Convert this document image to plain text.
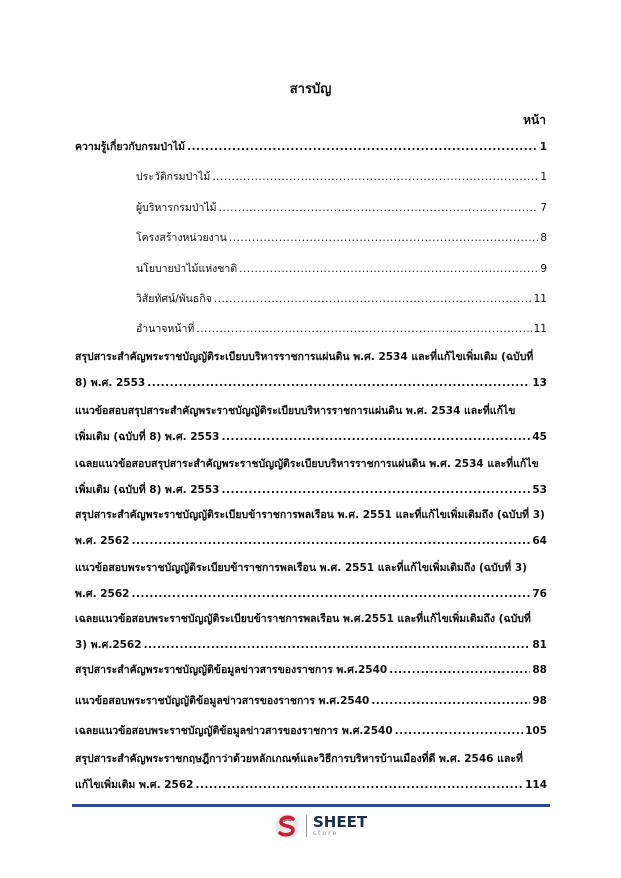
สารบัญ
หน้า
ความรู้เกี่ยวกับกรมป่าไม้ .....	1
ประวัติกรมป่าไม้ .....	1
ผู้บริหารกรมป่าไม้ .....	7
โครงสร้างหน่วยงาน .....	8
นโยบายป่าไม้แห่งชาติ .....	9
วิสัยทัศน์/พันธกิจ .....	11
อำนาจหน้าที่ .....	11
สรุปสาระสำคัญพระราชบัญญัติระเบียบบริหารราชการแผ่นดิน พ.ศ. 2534 และที่แก้ไขเพิ่มเติม (ฉบับที่
8) พ.ศ. 2553 .....	13
แนวข้อสอบสรุปสาระสำคัญพระราชบัญญัติระเบียบบริหารราชการแผ่นดิน พ.ศ. 2534 และที่แก้ไข
เพิ่มเติม (ฉบับที่ 8) พ.ศ. 2553 .....	45
เฉลยแนวข้อสอบสรุปสาระสำคัญพระราชบัญญัติระเบียบบริหารราชการแผ่นดิน พ.ศ. 2534 และที่แก้ไข
เพิ่มเติม (ฉบับที่ 8) พ.ศ. 2553 .....	53
สรุปสาระสำคัญพระราชบัญญัติระเบียบข้าราชการพลเรือน พ.ศ. 2551 และที่แก้ไขเพิ่มเติมถึง (ฉบับที่ 3)
พ.ศ. 2562 .....	64
แนวข้อสอบพระราชบัญญัติระเบียบข้าราชการพลเรือน พ.ศ. 2551 และที่แก้ไขเพิ่มเติมถึง (ฉบับที่ 3)
พ.ศ. 2562 .....	76
เฉลยแนวข้อสอบพระราชบัญญัติระเบียบข้าราชการพลเรือน พ.ศ.2551 และที่แก้ไขเพิ่มเติมถึง (ฉบับที่
3) พ.ศ.2562 .....	81
สรุปสาระสำคัญพระราชบัญญัติข้อมูลข่าวสารของราชการ พ.ศ.2540 .....	88
แนวข้อสอบพระราชบัญญัติข้อมูลข่าวสารของราชการ พ.ศ.2540 .....	98
เฉลยแนวข้อสอบพระราชบัญญัติข้อมูลข่าวสารของราชการ พ.ศ.2540 .....	105
สรุปสาระสำคัญพระราชกฤษฎีกาว่าด้วยหลักเกณฑ์และวิธีการบริหารบ้านเมืองที่ดี พ.ศ. 2546 และที่
แก้ไขเพิ่มเติม พ.ศ. 2562 .....	114
SHEET
store
